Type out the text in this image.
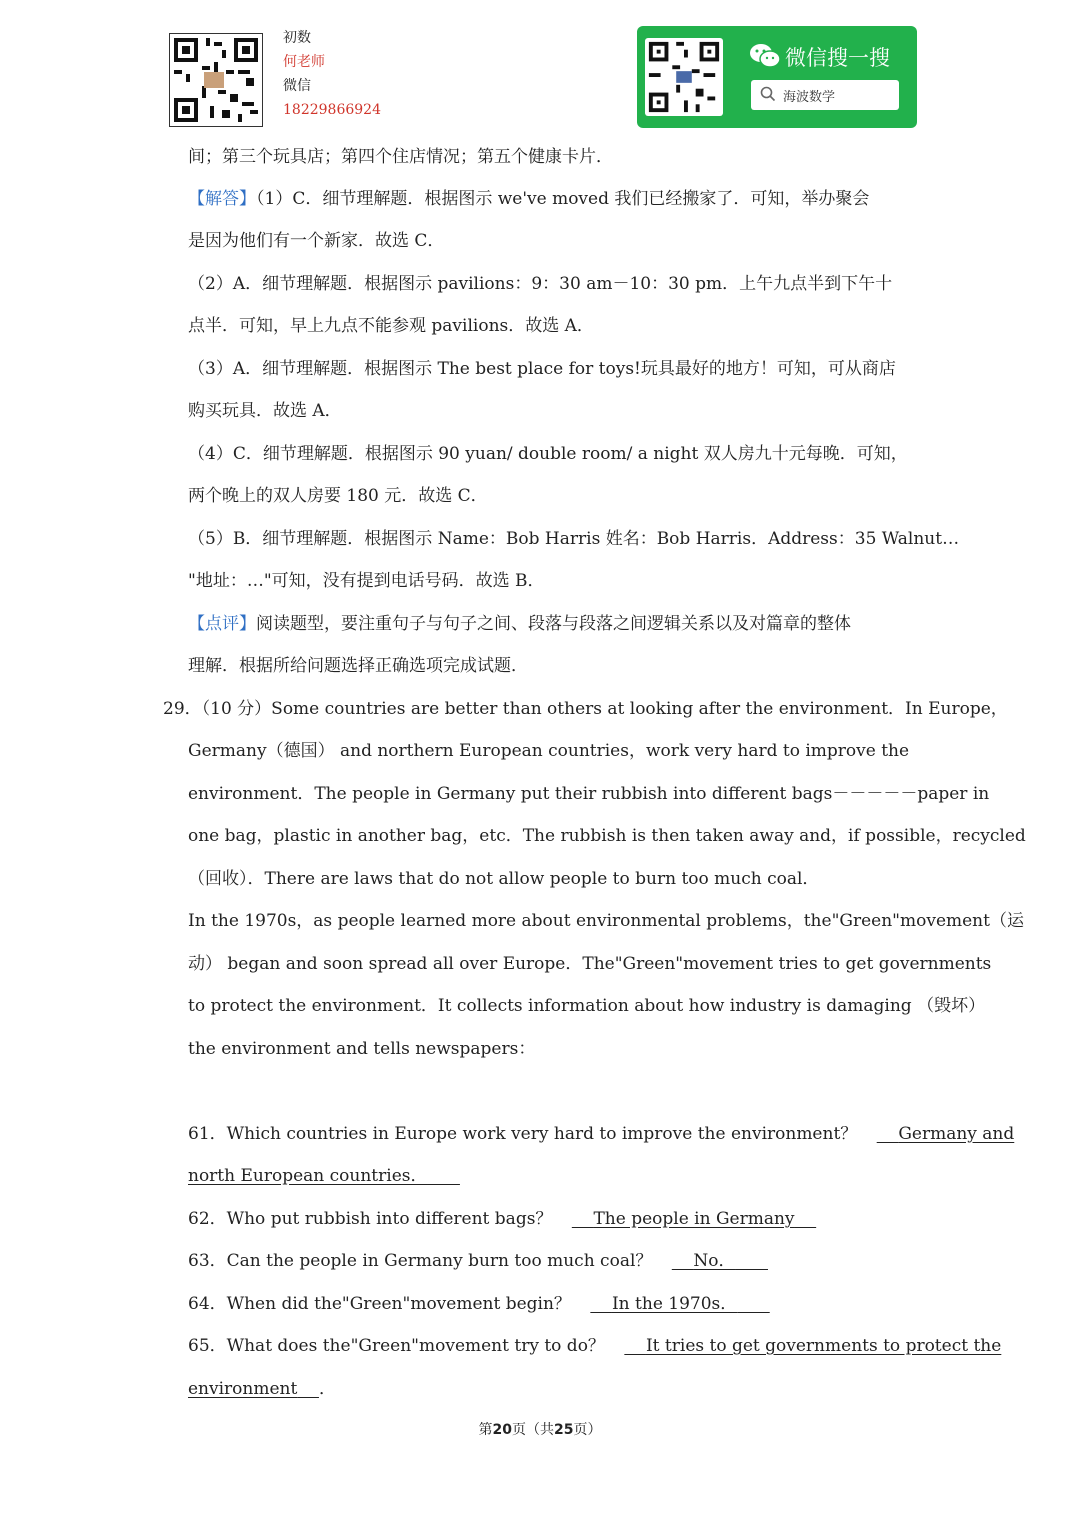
初数
何老师
微信
18229866924
微信搜一搜
海波数学
间；第三个玩具店；第四个住店情况；第五个健康卡片．
【解答】（1）C．细节理解题．根据图示 we've moved 我们已经搬家了．可知，举办聚会
是因为他们有一个新家．故选 C．
（2）A．细节理解题．根据图示 pavilions：9：30 am－10：30 pm．上午九点半到下午十
点半．可知，早上九点不能参观 pavilions．故选 A．
（3）A．细节理解题．根据图示 The best place for toys!玩具最好的地方！可知，可从商店
购买玩具．故选 A．
（4）C．细节理解题．根据图示 90 yuan/ double room/ a night 双人房九十元每晚．可知，
两个晚上的双人房要 180 元．故选 C．
（5）B．细节理解题．根据图示 Name：Bob Harris 姓名：Bob Harris．Address：35 Walnut…
"地址：…"可知，没有提到电话号码．故选 B．
【点评】阅读题型，要注重句子与句子之间、段落与段落之间逻辑关系以及对篇章的整体
理解．根据所给问题选择正确选项完成试题．
29．（10 分）Some countries are better than others at looking after the environment．In Europe，
Germany（德国） and northern European countries，work very hard to improve the
environment．The people in Germany put their rubbish into different bags－－－－－paper in
one bag，plastic in another bag，etc．The rubbish is then taken away and，if possible，recycled
（回收）．There are laws that do not allow people to burn too much coal．
In the 1970s，as people learned more about environmental problems，the"Green"movement（运
动） began and soon spread all over Europe．The"Green"movement tries to get governments
to protect the environment．It collects information about how industry is damaging （毁坏）
the environment and tells newspapers：
61．Which countries in Europe work very hard to improve the environment？ Germany and
north European countries．
62．Who put rubbish into different bags？ The people in Germany
63．Can the people in Germany burn too much coal？ No．
64．When did the"Green"movement begin？ In the 1970s．
65．What does the"Green"movement try to do？ It tries to get governments to protect the
environment ．
第20页（共25页）
